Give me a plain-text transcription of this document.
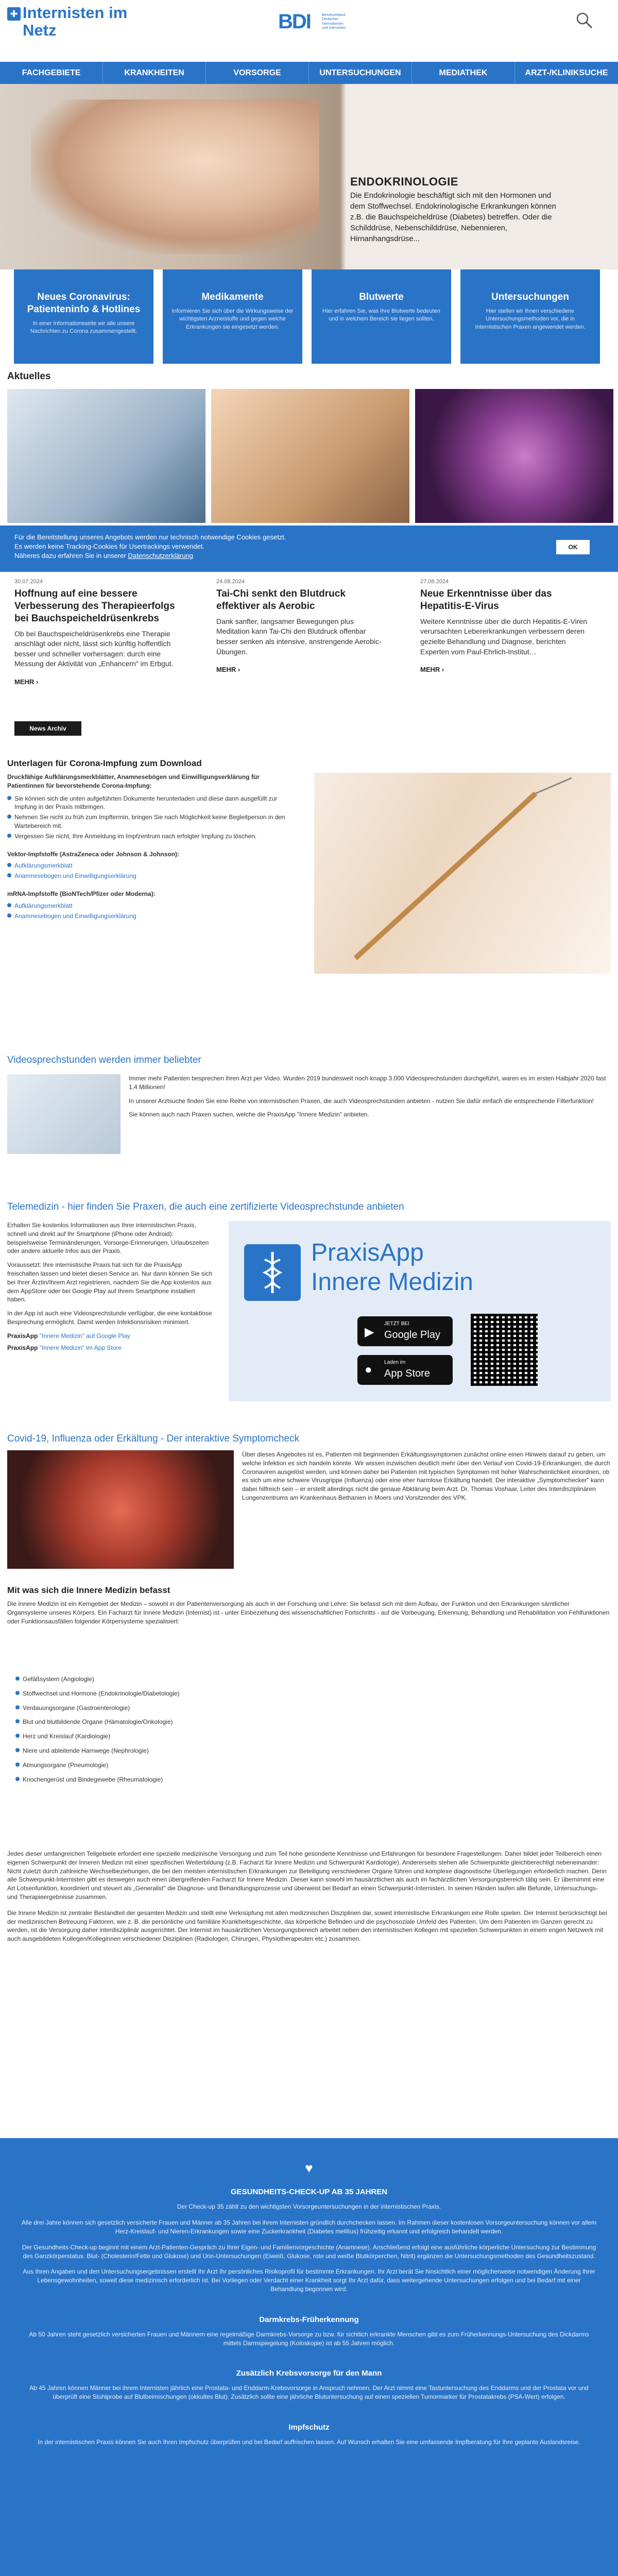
✚ Internisten im
Netz	BDI	Berufsverband
Deutscher
Internistinnen
und Internisten
FACHGEBIETE	KRANKHEITEN	VORSORGE	UNTERSUCHUNGEN	MEDIATHEK	ARZT-/KLINIKSUCHE
ENDOKRINOLOGIE
Die Endokrinologie beschäftigt sich mit den Hormonen und dem Stoffwechsel. Endokrinologische Erkrankungen können z.B. die Bauchspeicheldrüse (Diabetes) betreffen. Oder die Schilddrüse, Nebenschilddrüse, Nebennieren, Hirnanhangsdrüse...
Neues Coronavirus: Patienteninfo & Hotlines
In einer Informationsseite wir alle unsere Nachrichten zu Corona zusammengestellt.
Medikamente
Informieren Sie sich über die Wirkungsweise der wichtigsten Arzneistoffe und gegen welche Erkrankungen sie eingesetzt werden.
Blutwerte
Hier erfahren Sie, was Ihre Blutwerte bedeuten und in welchem Bereich sie liegen sollten.
Untersuchungen
Hier stellen wir Ihnen verschiedene Untersuchungsmethoden vor, die in Internistischen Praxen angewendet werden.
Aktuelles
30.07.2024
Hoffnung auf eine bessere Verbesserung des Therapieerfolgs bei Bauchspeicheldrüsenkrebs
Ob bei Bauchspeicheldrüsenkrebs eine Therapie anschlägt oder nicht, lässt sich künftig hoffentlich besser und schneller vorhersagen: durch eine Messung der Aktivität von „Enhancern" im Erbgut.
MEHR ›
24.08.2024
Tai-Chi senkt den Blutdruck effektiver als Aerobic
Dank sanfter, langsamer Bewegungen plus Meditation kann Tai-Chi den Blutdruck offenbar besser senken als intensive, anstrengende Aerobic-Übungen.
MEHR ›
27.08.2024
Neue Erkenntnisse über das Hepatitis-E-Virus
Weitere Kenntnisse über die durch Hepatitis-E-Viren verursachten Lebererkrankungen verbessern deren gezielte Behandlung und Diagnose, berichten Experten vom Paul-Ehrlich-Institut…
MEHR ›
News Archiv
Für die Bereitstellung unseres Angebots werden nur technisch notwendige Cookies gesetzt.
Es werden keine Tracking-Cookies für Usertrackings verwendet.
Näheres dazu erfahren Sie in unserer Datenschutzerklärung
OK
Unterlagen für Corona-Impfung zum Download

Druckfähige Aufklärungsmerkblätter, Anamnesebögen und Einwilligungserklärung für Patientinnen für bevorstehende Corona-Impfung:

Sie können sich die unten aufgeführten Dokumente herunterladen und diese dann ausgefüllt zur Impfung in der Praxis mitbringen.
Nehmen Sie nicht zu früh zum Impftermin, bringen Sie nach Möglichkeit keine Begleitperson in den Wartebereich mit.
Vergessen Sie nicht, Ihre Anmeldung im Impfzentrum nach erfolgter Impfung zu löschen.

Vektor-Impfstoffe (AstraZeneca oder Johnson & Johnson):

Aufklärungsmerkblatt
Anamnesebogen und Einwilligungserklärung

mRNA-Impfstoffe (BioNTech/Pfizer oder Moderna):

Aufklärungsmerkblatt
Anamnesebogen und Einwilligungserklärung
Videosprechstunden werden immer beliebter

Immer mehr Patienten besprechen ihren Arzt per Video. Wurden 2019 bundesweit noch knapp 3.000 Videosprechstunden durchgeführt, waren es im ersten Halbjahr 2020 fast 1,4 Millionen!

In unserer Arztsuche finden Sie eine Reihe von internistischen Praxen, die auch Videosprechstunden anbieten - nutzen Sie dafür einfach die entsprechende Filterfunktion!

Sie können auch nach Praxen suchen, welche die PraxisApp "Innere Medizin" anbieten.

Telemedizin - hier finden Sie Praxen, die auch eine zertifizierte Videosprechstunde anbieten

Erhalten Sie kostenlos Informationen aus Ihrer internistischen Praxis, schnell und direkt auf Ihr Smartphone (iPhone oder Android): beispielsweise Terminänderungen, Vorsorge-Erinnerungen, Urlaubszeiten oder andere aktuelle Infos aus der Praxis.

Voraussetzt: Ihre internistische Praxis hat sich für die PraxisApp freischalten lassen und bietet diesen Service an. Nur dann können Sie sich bei Ihrer Ärztin/Ihrem Arzt registrieren, nachdem Sie die App kostenlos aus dem AppStore oder bei Google Play auf Ihrem Smartphone installiert haben.

In der App ist auch eine Videosprechstunde verfügbar, die eine kontaktlose Besprechung ermöglicht. Damit werden Infektionsrisiken minimiert.

PraxisApp "Innere Medizin" auf Google Play

PraxisApp "Innere Medizin" im App Store

PraxisApp
Innere Medizin
▶
JETZT BEI
Google Play
●
Laden im
App Store
Covid-19, Influenza oder Erkältung - Der interaktive Symptomcheck
Über dieses Angebotes ist es, Patienten mit beginnenden Erkältungssymptomen zunächst online einen Hinweis darauf zu geben, um welche Infektion es sich handeln könnte. Wir wissen inzwischen deutlich mehr über den Verlauf von Covid-19-Erkrankungen, die durch Coronaviren ausgelöst werden, und können daher bei Patienten mit typischen Symptomen mit hoher Wahrscheinlichkeit einordnen, ob es sich um eine schwere Virusgrippe (Influenza) oder eine eher harmlose Erkältung handelt. Der interaktive „Symptomchecker" kann dabei hilfreich sein – er erstellt allerdings nicht die genaue Abklärung beim Arzt. Dr. Thomas Voshaar, Leiter des Interdisziplinären Lungenzentrums am Krankenhaus Bethanien in Moers und Vorsitzender des VPK.
Mit was sich die Innere Medizin befasst

Die Innere Medizin ist ein Kerngebiet der Medizin – sowohl in der Patientenversorgung als auch in der Forschung und Lehre: Sie befasst sich mit dem Aufbau, der Funktion und den Erkrankungen sämtlicher Organsysteme unseres Körpers. Ein Facharzt für Innere Medizin (Internist) ist - unter Einbeziehung des wissenschaftlichen Fortschritts - auf die Vorbeugung, Erkennung, Behandlung und Rehabilitation von Fehlfunktionen oder Funktionsausfällen folgender Körpersysteme spezialisiert:

Gefäßsystem (Angiologie)
Stoffwechsel und Hormone (Endokrinologie/Diabetologie)
Verdauungsorgane (Gastroenterologie)
Blut und blutbildende Organe (Hämatologie/Onkologie)
Herz und Kreislauf (Kardiologie)
Niere und ableitende Harnwege (Nephrologie)
Atmungsorgane (Pneumologie)
Knochengerüst und Bindegewebe (Rheumatologie)

Jedes dieser umfangreichen Teilgebiete erfordert eine spezielle medizinische Versorgung und zum Teil hohe gesonderte Kenntnisse und Erfahrungen für besondere Fragestellungen. Daher bildet jeder Teilbereich einen eigenen Schwerpunkt der Inneren Medizin mit einer spezifischen Weiterbildung (z.B. Facharzt für Innere Medizin und Schwerpunkt Kardiologie). Andererseits stehen alle Schwerpunkte gleichberechtigt nebeneinander: Nicht zuletzt durch zahlreiche Wechselbeziehungen, die bei den meisten internistischen Erkrankungen zur Beteiligung verschiedener Organe führen und komplexe diagnostische Überlegungen erforderlich machen. Denn alle Schwerpunkt-Internisten gibt es deswegen auch einen übergreifenden Facharzt für Innere Medizin. Dieser kann sowohl im hausärztlichen als auch im fachärztlichen Versorgungsbereich tätig sein. Er übernimmt eine Art Lotsenfunktion, koordiniert und steuert als „Generalist" die Diagnose- und Behandlungsprozesse und überweist bei Bedarf an einen Schwerpunkt-Internisten. In seinen Händen laufen alle Befunde, Untersuchungs- und Therapieergebnisse zusammen.

Die Innere Medizin ist zentraler Bestandteil der gesamten Medizin und stellt eine Verknüpfung mit allen medizinischen Disziplinen dar, soweit internistische Erkrankungen eine Rolle spielen. Der Internist berücksichtigt bei der medizinischen Betreuung Faktoren, wie z. B. die persönliche und familiäre Krankheitsgeschichte, das körperliche Befinden und die psychosoziale Umfeld des Patienten. Um dem Patienten im Ganzen gerecht zu werden, ist die Versorgung daher interdisziplinär ausgerichtet. Der Internist im hausärztlichen Versorgungsbereich arbeitet neben den internistischen Kollegen mit speziellen Schwerpunkten in einem engen Netzwerk mit auch ausgebildeten Kollegen/Kolleginnen verschiedener Disziplinen (Radiologen, Chirurgen, Physiotherapeuten etc.) zusammen.

♥
GESUNDHEITS-CHECK-UP AB 35 JAHREN

Der Check-up 35 zählt zu den wichtigsten Vorsorgeuntersuchungen in der internistischen Praxis.

Alle drei Jahre können sich gesetzlich versicherte Frauen und Männer ab 35 Jahren bei ihrem Internisten gründlich durchchecken lassen. Im Rahmen dieser kostenlosen Vorsorgeuntersuchung können vor allem Herz-Kreislauf- und Nieren-Erkrankungen sowie eine Zuckerkrankheit (Diabetes mellitus) frühzeitig erkannt und erfolgreich behandelt werden.

Der Gesundheits-Check-up beginnt mit einem Arzt-Patienten-Gespräch zu Ihrer Eigen- und Familienvorgeschichte (Anamnese). Anschließend erfolgt eine ausführliche körperliche Untersuchung zur Bestimmung des Ganzkörperstatus. Blut- (Cholesterin/Fette und Glukose) und Urin-Untersuchungen (Eiweiß, Glukose, rote und weiße Blutkörperchen, Nitrit) ergänzen die Untersuchungsmethoden des Gesundheitszustand.

Aus Ihren Angaben und den Untersuchungsergebnissen erstellt Ihr Arzt Ihr persönliches Risikoprofil für bestimmte Erkrankungen. Ihr Arzt berät Sie hinsichtlich einer möglicherweise notwendigen Änderung Ihrer Lebensgewohnheiten, soweit diese medizinisch erforderlich ist. Bei Vorliegen oder Verdacht einer Krankheit sorgt Ihr Arzt dafür, dass weitergehende Untersuchungen erfolgen und bei Bedarf mit einer Behandlung begonnen wird.

Darmkrebs-Früherkennung

Ab 50 Jahren steht gesetzlich versicherten Frauen und Männern eine regelmäßige Darmkrebs-Vorsorge zu bzw. für sichtlich erkrankte Menschen gibt es zum Früherkennungs-Untersuchung des Dickdarms mittels Darmspiegelung (Koloskopie) ist ab 55 Jahren möglich.

Zusätzlich Krebsvorsorge für den Mann

Ab 45 Jahren können Männer bei ihrem Internisten jährlich eine Prostata- und Enddarm-Krebsvorsorge in Anspruch nehmen. Der Arzt nimmt eine Tastuntersuchung des Enddarms und der Prostata vor und überprüft eine Stuhlprobe auf Blutbeimischungen (okkultes Blut). Zusätzlich sollte eine jährliche Blutuntersuchung auf einen speziellen Tumormarker für Prostatakrebs (PSA-Wert) erfolgen.

Impfschutz

In der internistischen Praxis können Sie auch Ihren Impfschutz überprüfen und bei Bedarf auffrischen lassen. Auf Wunsch erhalten Sie eine umfassende Impfberatung für Ihre geplante Auslandsreise.
